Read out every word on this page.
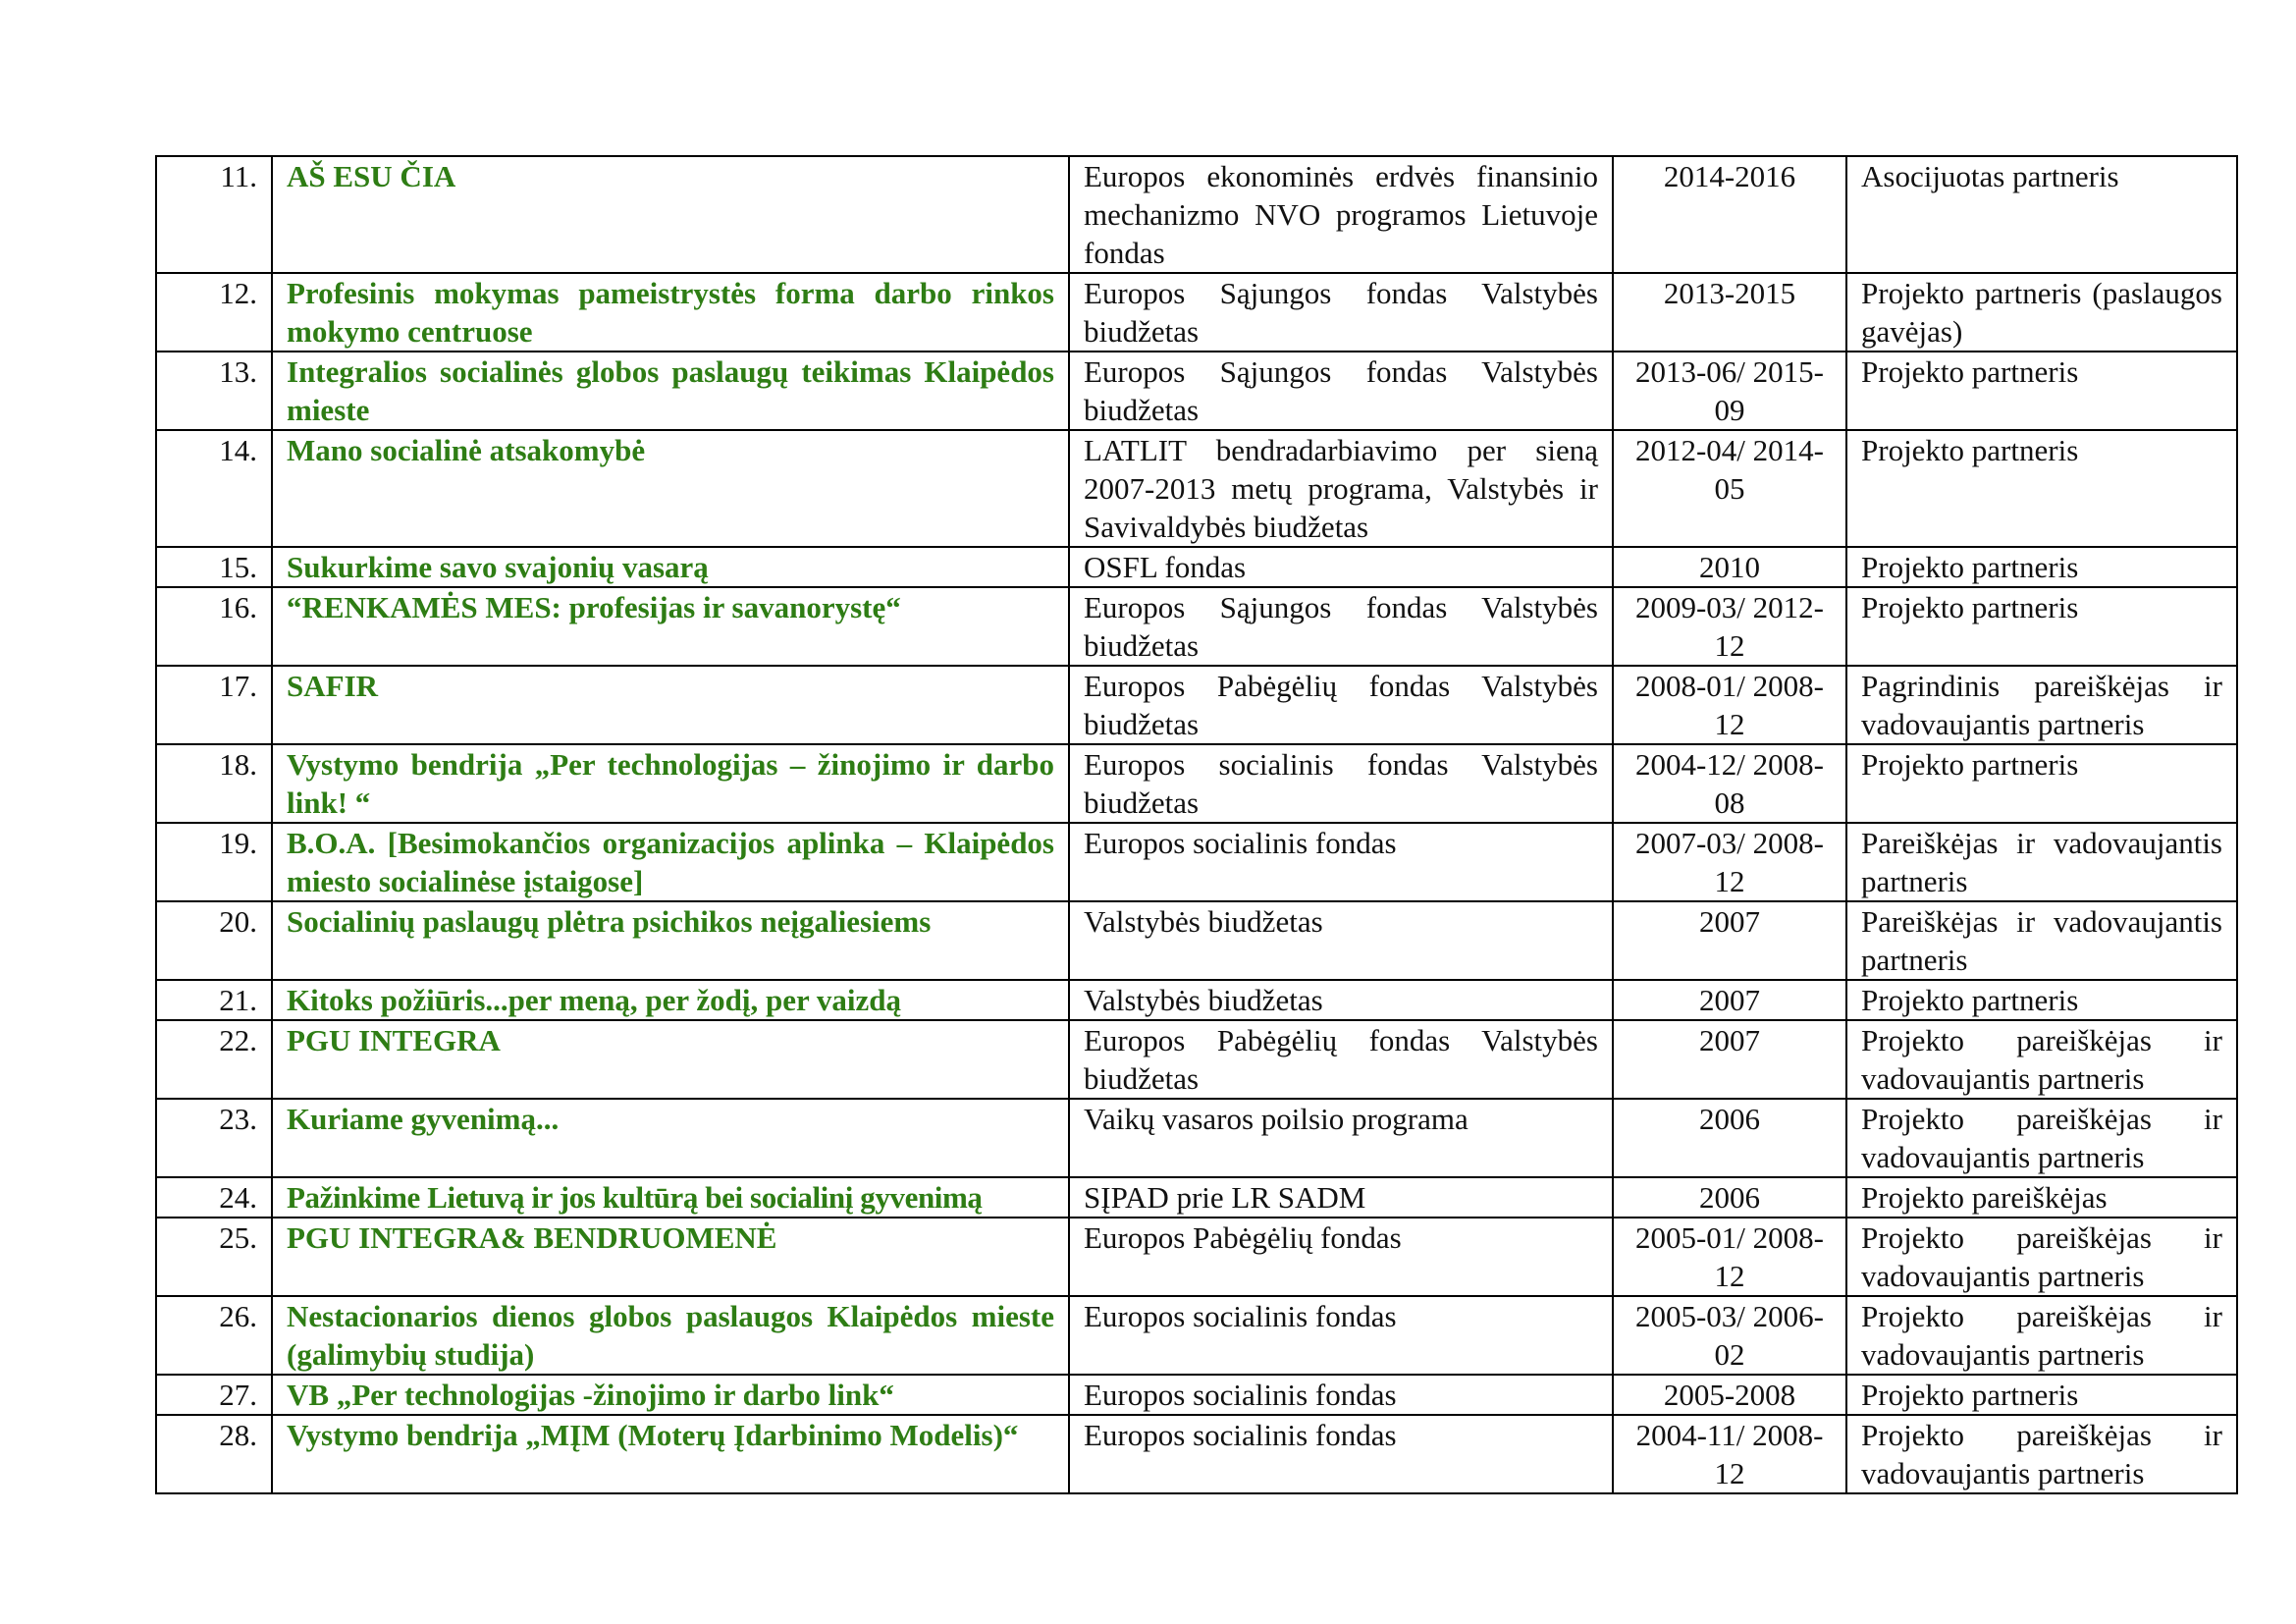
11.	AŠ ESU ČIA	Europos ekonominės erdvės finansinio mechanizmo NVO programos Lietuvoje fondas	2014-2016	Asocijuotas partneris
12.	Profesinis mokymas pameistrystės forma darbo rinkos mokymo centruose	Europos Sąjungos fondas Valstybės biudžetas	2013-2015	Projekto partneris (paslaugos gavėjas)
13.	Integralios socialinės globos paslaugų teikimas Klaipėdos mieste	Europos Sąjungos fondas Valstybės biudžetas	2013-06/ 2015-09	Projekto partneris
14.	Mano socialinė atsakomybė	LATLIT bendradarbiavimo per sieną 2007-2013 metų programa, Valstybės ir Savivaldybės biudžetas	2012-04/ 2014-05	Projekto partneris
15.	Sukurkime savo svajonių vasarą	OSFL fondas	2010	Projekto partneris
16.	“RENKAMĖS MES: profesijas ir savanorystę“	Europos Sąjungos fondas Valstybės biudžetas	2009-03/ 2012-12	Projekto partneris
17.	SAFIR	Europos Pabėgėlių fondas Valstybės biudžetas	2008-01/ 2008-12	Pagrindinis pareiškėjas ir vadovaujantis partneris
18.	Vystymo bendrija „Per technologijas – žinojimo ir darbo link! “	Europos socialinis fondas Valstybės biudžetas	2004-12/ 2008-08	Projekto partneris
19.	B.O.A. [Besimokančios organizacijos aplinka – Klaipėdos miesto socialinėse įstaigose]	Europos socialinis fondas	2007-03/ 2008-12	Pareiškėjas ir vadovaujantis partneris
20.	Socialinių paslaugų plėtra psichikos neįgaliesiems	Valstybės biudžetas	2007	Pareiškėjas ir vadovaujantis partneris
21.	Kitoks požiūris...per meną, per žodį, per vaizdą	Valstybės biudžetas	2007	Projekto partneris
22.	PGU INTEGRA	Europos Pabėgėlių fondas Valstybės biudžetas	2007	Projekto pareiškėjas ir vadovaujantis partneris
23.	Kuriame gyvenimą...	Vaikų vasaros poilsio programa	2006	Projekto pareiškėjas ir vadovaujantis partneris
24.	Pažinkime Lietuvą ir jos kultūrą bei socialinį gyvenimą	SĮPAD prie LR SADM	2006	Projekto pareiškėjas
25.	PGU INTEGRA& BENDRUOMENĖ	Europos Pabėgėlių fondas	2005-01/ 2008-12	Projekto pareiškėjas ir vadovaujantis partneris
26.	Nestacionarios dienos globos paslaugos Klaipėdos mieste (galimybių studija)	Europos socialinis fondas	2005-03/ 2006-02	Projekto pareiškėjas ir vadovaujantis partneris
27.	VB „Per technologijas -žinojimo ir darbo link“	Europos socialinis fondas	2005-2008	Projekto partneris
28.	Vystymo bendrija „MĮM (Moterų Įdarbinimo Modelis)“	Europos socialinis fondas	2004-11/ 2008-12	Projekto pareiškėjas ir vadovaujantis partneris
